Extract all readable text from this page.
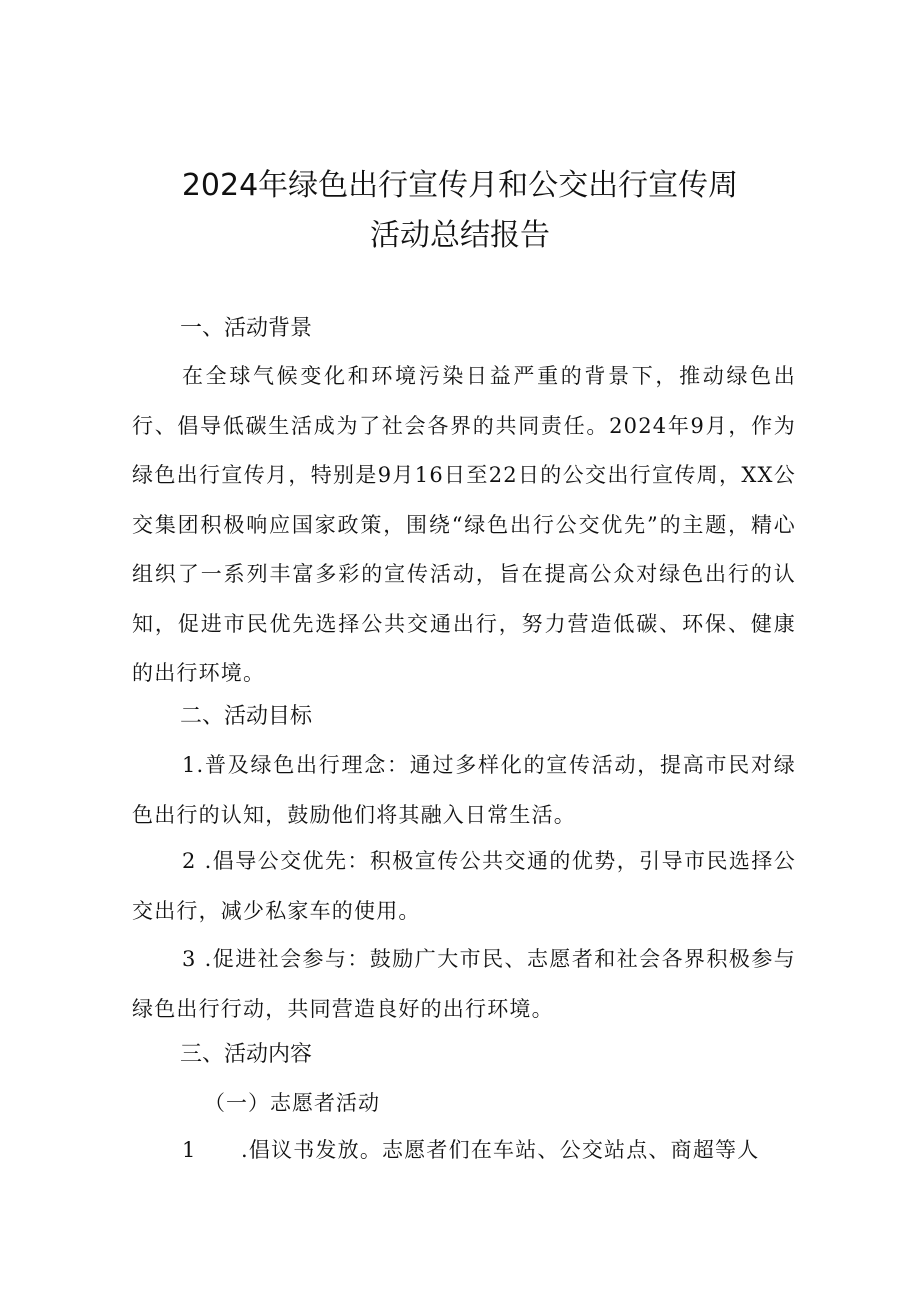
2024年绿色出行宣传月和公交出行宣传周
活动总结报告
一、活动背景
在全球气候变化和环境污染日益严重的背景下，推动绿色出行、倡导低碳生活成为了社会各界的共同责任。2024年9月，作为绿色出行宣传月，特别是9月16日至22日的公交出行宣传周，XX公交集团积极响应国家政策，围绕“绿色出行公交优先”的主题，精心组织了一系列丰富多彩的宣传活动，旨在提高公众对绿色出行的认知，促进市民优先选择公共交通出行，努力营造低碳、环保、健康的出行环境。
二、活动目标
1.普及绿色出行理念：通过多样化的宣传活动，提高市民对绿色出行的认知，鼓励他们将其融入日常生活。
2 .倡导公交优先：积极宣传公共交通的优势，引导市民选择公交出行，减少私家车的使用。
3 .促进社会参与：鼓励广大市民、志愿者和社会各界积极参与绿色出行行动，共同营造良好的出行环境。
三、活动内容
（一）志愿者活动
1　　.倡议书发放。志愿者们在车站、公交站点、商超等人
